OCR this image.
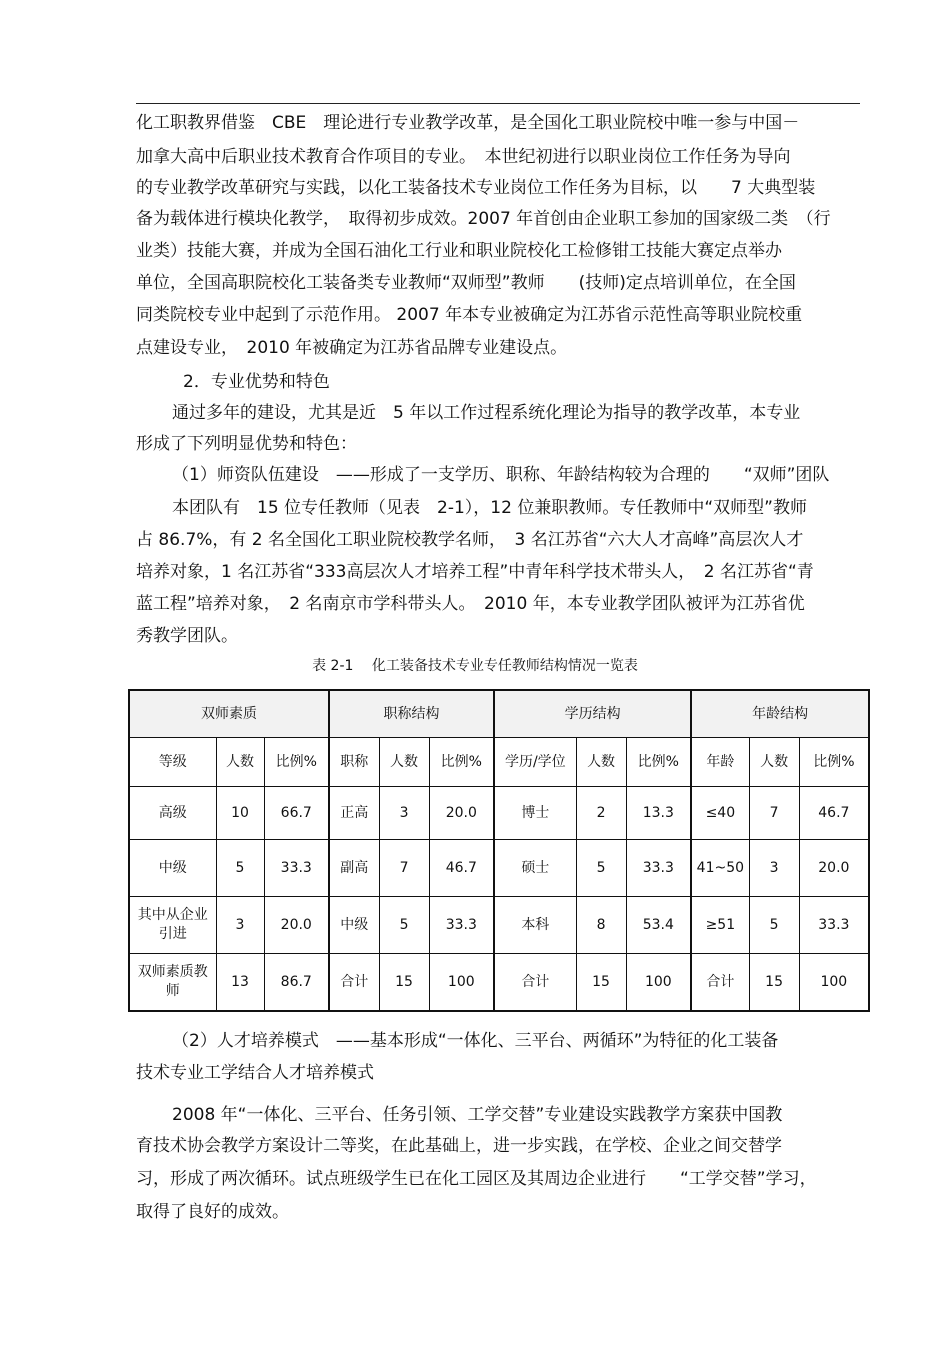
化工职教界借鉴　CBE　理论进行专业教学改革，是全国化工职业院校中唯一参与中国－
加拿大高中后职业技术教育合作项目的专业。　本世纪初进行以职业岗位工作任务为导向
的专业教学改革研究与实践，以化工装备技术专业岗位工作任务为目标，以　　7 大典型装
备为载体进行模块化教学，　取得初步成效。2007 年首创由企业职工参加的国家级二类　（行
业类）技能大赛，并成为全国石油化工行业和职业院校化工检修钳工技能大赛定点举办
单位，全国高职院校化工装备类专业教师“双师型”教师　　(技师)定点培训单位，在全国
同类院校专业中起到了示范作用。 2007 年本专业被确定为江苏省示范性高等职业院校重
点建设专业，　2010 年被确定为江苏省品牌专业建设点。
2．专业优势和特色
通过多年的建设，尤其是近　5 年以工作过程系统化理论为指导的教学改革，本专业
形成了下列明显优势和特色：
（1）师资队伍建设　——形成了一支学历、职称、年龄结构较为合理的　　“双师”团队
本团队有　15 位专任教师（见表　2-1），12 位兼职教师。专任教师中“双师型”教师
占 86.7%，有 2 名全国化工职业院校教学名师，　3 名江苏省“六大人才高峰”高层次人才
培养对象，1 名江苏省“333高层次人才培养工程”中青年科学技术带头人，　2 名江苏省“青
蓝工程”培养对象，　2 名南京市学科带头人。　2010 年，本专业教学团队被评为江苏省优
秀教学团队。
表 2-1　 化工装备技术专业专任教师结构情况一览表
双师素质			职称结构			学历结构			年龄结构		
等级	人数	比例%	职称	人数	比例%	学历/学位	人数	比例%	年龄	人数	比例%
高级	10	66.7	正高	3	20.0	博士	2	13.3	≤40	7	46.7
中级	5	33.3	副高	7	46.7	硕士	5	33.3	41~50	3	20.0
其中从企业引进	3	20.0	中级	5	33.3	本科	8	53.4	≥51	5	33.3
双师素质教师	13	86.7	合计	15	100	合计	15	100	合计	15	100
（2）人才培养模式　——基本形成“一体化、三平台、两循环”为特征的化工装备
技术专业工学结合人才培养模式
2008 年“一体化、三平台、任务引领、工学交替”专业建设实践教学方案获中国教
育技术协会教学方案设计二等奖，在此基础上，进一步实践，在学校、企业之间交替学
习，形成了两次循环。试点班级学生已在化工园区及其周边企业进行　　“工学交替”学习，
取得了良好的成效。
